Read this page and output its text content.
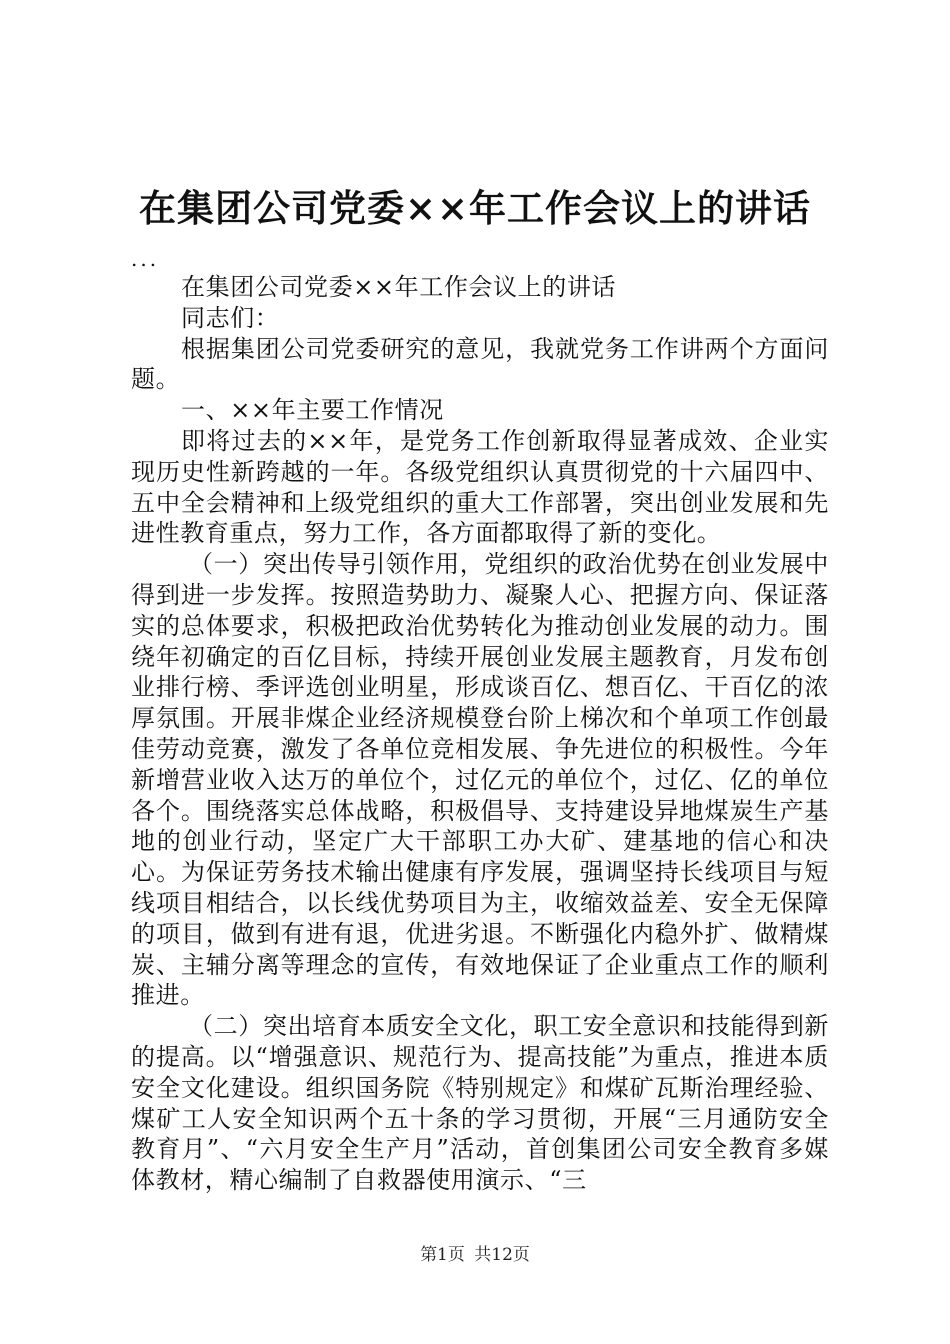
在集团公司党委××年工作会议上的讲话

...

在集团公司党委××年工作会议上的讲话

同志们：

根据集团公司党委研究的意见，我就党务工作讲两个方面问题。

一、××年主要工作情况

即将过去的××年，是党务工作创新取得显著成效、企业实现历史性新跨越的一年。各级党组织认真贯彻党的十六届四中、五中全会精神和上级党组织的重大工作部署，突出创业发展和先进性教育重点，努力工作，各方面都取得了新的变化。

（一）突出传导引领作用，党组织的政治优势在创业发展中得到进一步发挥。按照造势助力、凝聚人心、把握方向、保证落实的总体要求，积极把政治优势转化为推动创业发展的动力。围绕年初确定的百亿目标，持续开展创业发展主题教育，月发布创业排行榜、季评选创业明星，形成谈百亿、想百亿、干百亿的浓厚氛围。开展非煤企业经济规模登台阶上梯次和个单项工作创最佳劳动竞赛，激发了各单位竞相发展、争先进位的积极性。今年新增营业收入达万的单位个，过亿元的单位个，过亿、亿的单位各个。围绕落实总体战略，积极倡导、支持建设异地煤炭生产基地的创业行动，坚定广大干部职工办大矿、建基地的信心和决心。为保证劳务技术输出健康有序发展，强调坚持长线项目与短线项目相结合，以长线优势项目为主，收缩效益差、安全无保障的项目，做到有进有退，优进劣退。不断强化内稳外扩、做精煤炭、主辅分离等理念的宣传，有效地保证了企业重点工作的顺利推进。

（二）突出培育本质安全文化，职工安全意识和技能得到新的提高。以“增强意识、规范行为、提高技能”为重点，推进本质安全文化建设。组织国务院《特别规定》和煤矿瓦斯治理经验、煤矿工人安全知识两个五十条的学习贯彻，开展“三月通防安全教育月”、“六月安全生产月”活动，首创集团公司安全教育多媒体教材，精心编制了自救器使用演示、“三

第1页 共12页
